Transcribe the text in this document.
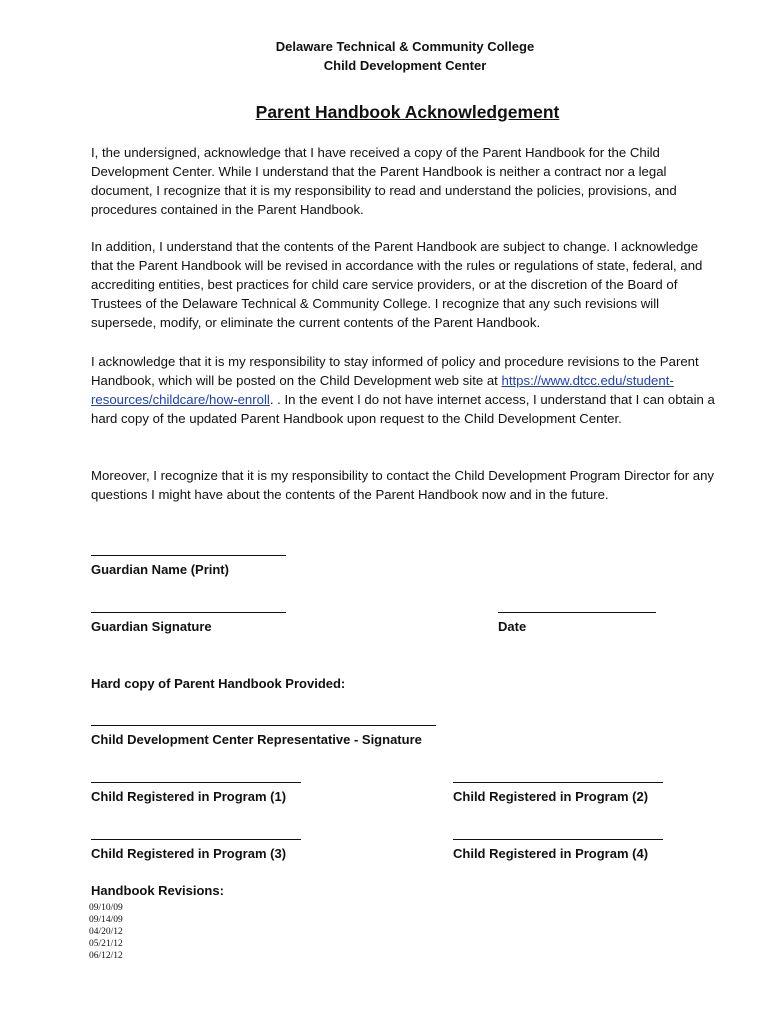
Delaware Technical & Community College
Child Development Center
Parent Handbook Acknowledgement

I, the undersigned, acknowledge that I have received a copy of the Parent Handbook for the Child Development Center. While I understand that the Parent Handbook is neither a contract nor a legal document, I recognize that it is my responsibility to read and understand the policies, provisions, and procedures contained in the Parent Handbook.

In addition, I understand that the contents of the Parent Handbook are subject to change. I acknowledge that the Parent Handbook will be revised in accordance with the rules or regulations of state, federal, and accrediting entities, best practices for child care service providers, or at the discretion of the Board of Trustees of the Delaware Technical & Community College. I recognize that any such revisions will supersede, modify, or eliminate the current contents of the Parent Handbook.

I acknowledge that it is my responsibility to stay informed of policy and procedure revisions to the Parent Handbook, which will be posted on the Child Development web site at https://www.dtcc.edu/student-resources/childcare/how-enroll. . In the event I do not have internet access, I understand that I can obtain a hard copy of the updated Parent Handbook upon request to the Child Development Center.

Moreover, I recognize that it is my responsibility to contact the Child Development Program Director for any questions I might have about the contents of the Parent Handbook now and in the future.

Guardian Name (Print)
Guardian Signature	Date
Hard copy of Parent Handbook Provided:
Child Development Center Representative - Signature
Child Registered in Program (1)	Child Registered in Program (2)
Child Registered in Program (3)	Child Registered in Program (4)
Handbook Revisions:
09/10/09
09/14/09
04/20/12
05/21/12
06/12/12
